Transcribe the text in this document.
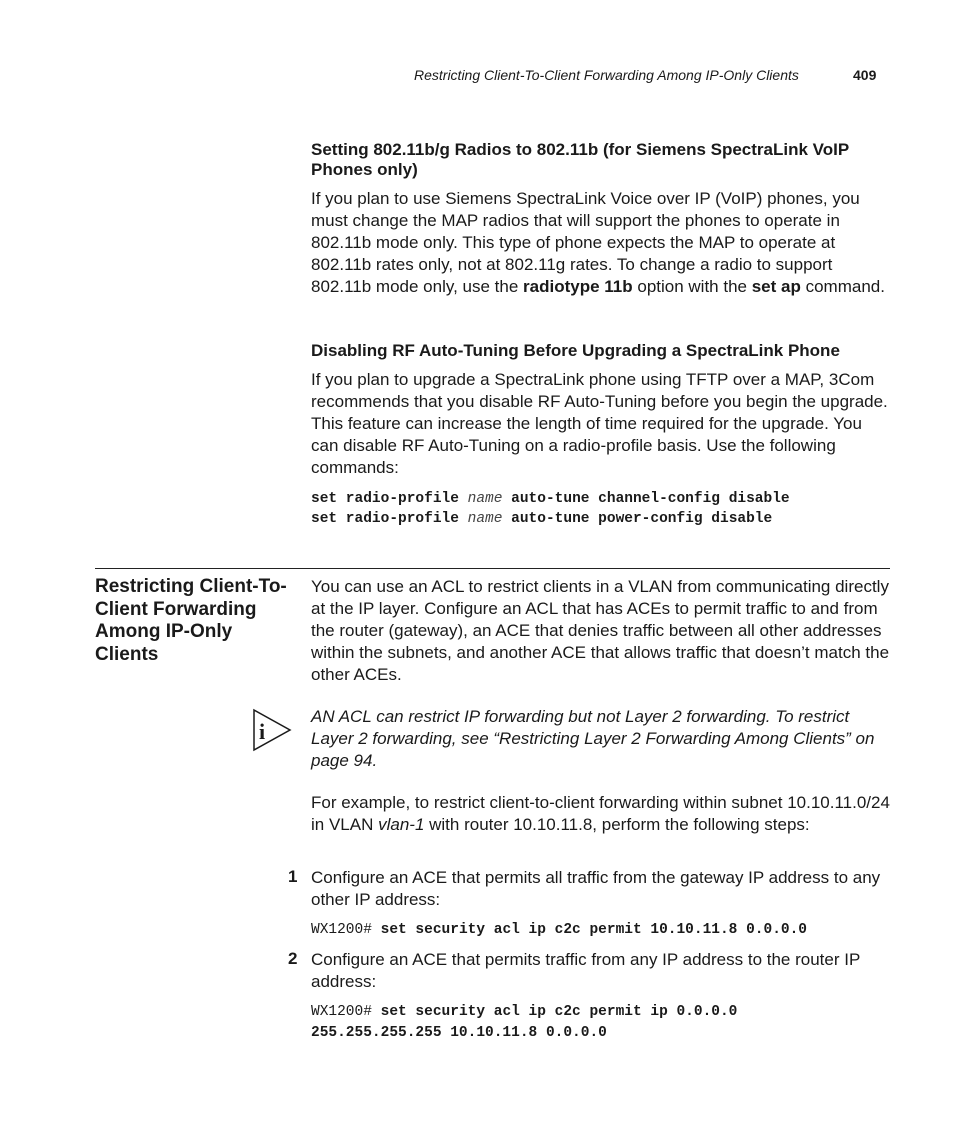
Restricting Client-To-Client Forwarding Among IP-Only Clients	409
Setting 802.11b/g Radios to 802.11b (for Siemens SpectraLink VoIP Phones only)
If you plan to use Siemens SpectraLink Voice over IP (VoIP) phones, you must change the MAP radios that will support the phones to operate in 802.11b mode only. This type of phone expects the MAP to operate at 802.11b rates only, not at 802.11g rates. To change a radio to support 802.11b mode only, use the radiotype 11b option with the set ap command.
Disabling RF Auto-Tuning Before Upgrading a SpectraLink Phone
If you plan to upgrade a SpectraLink phone using TFTP over a MAP, 3Com recommends that you disable RF Auto-Tuning before you begin the upgrade. This feature can increase the length of time required for the upgrade. You can disable RF Auto-Tuning on a radio-profile basis. Use the following commands:
set radio-profile name auto-tune channel-config disable
set radio-profile name auto-tune power-config disable
Restricting Client-To-Client Forwarding Among IP-Only Clients
You can use an ACL to restrict clients in a VLAN from communicating directly at the IP layer. Configure an ACL that has ACEs to permit traffic to and from the router (gateway), an ACE that denies traffic between all other addresses within the subnets, and another ACE that allows traffic that doesn’t match the other ACEs.
i
AN ACL can restrict IP forwarding but not Layer 2 forwarding. To restrict Layer 2 forwarding, see “Restricting Layer 2 Forwarding Among Clients” on page 94.
For example, to restrict client-to-client forwarding within subnet 10.10.11.0/24 in VLAN vlan-1 with router 10.10.11.8, perform the following steps:
1 Configure an ACE that permits all traffic from the gateway IP address to any other IP address:
WX1200# set security acl ip c2c permit 10.10.11.8 0.0.0.0
2 Configure an ACE that permits traffic from any IP address to the router IP address:
WX1200# set security acl ip c2c permit ip 0.0.0.0
255.255.255.255 10.10.11.8 0.0.0.0
